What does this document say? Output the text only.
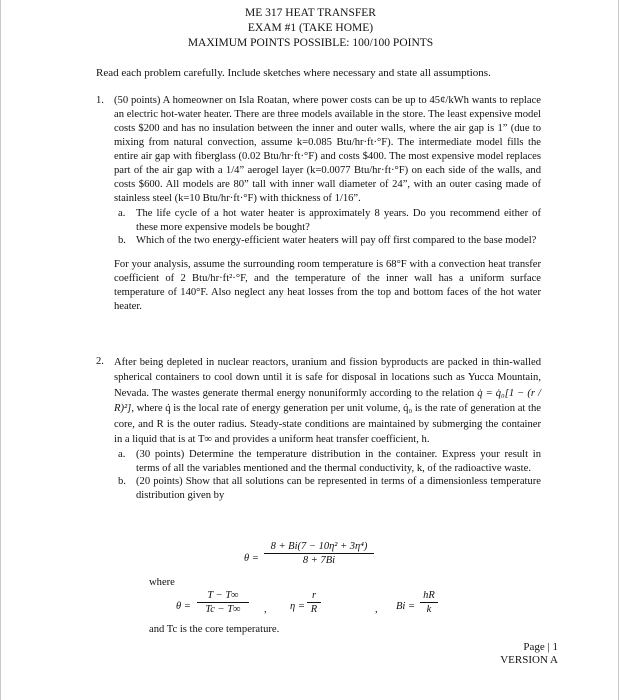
ME 317 HEAT TRANSFER
EXAM #1 (TAKE HOME)
MAXIMUM POINTS POSSIBLE: 100/100 POINTS
Read each problem carefully. Include sketches where necessary and state all assumptions.
1. (50 points) A homeowner on Isla Roatan, where power costs can be up to 45¢/kWh wants to replace an electric hot-water heater. There are three models available in the store. The least expensive model costs $200 and has no insulation between the inner and outer walls, where the air gap is 1” (due to mixing from natural convection, assume k=0.085 Btu/hr·ft·°F). The intermediate model fills the entire air gap with fiberglass (0.02 Btu/hr·ft·°F) and costs $400. The most expensive model replaces part of the air gap with a 1/4” aerogel layer (k=0.0077 Btu/hr·ft·°F) on each side of the walls, and costs $600. All models are 80” tall with inner wall diameter of 24”, with an outer casing made of stainless steel (k=10 Btu/hr·ft·°F) with thickness of 1/16”.
a. The life cycle of a hot water heater is approximately 8 years. Do you recommend either of these more expensive models be bought?
b. Which of the two energy-efficient water heaters will pay off first compared to the base model?
For your analysis, assume the surrounding room temperature is 68°F with a convection heat transfer coefficient of 2 Btu/hr·ft²·°F, and the temperature of the inner wall has a uniform surface temperature of 140°F. Also neglect any heat losses from the top and bottom faces of the hot water heater.
2. After being depleted in nuclear reactors, uranium and fission byproducts are packed in thin-walled spherical containers to cool down until it is safe for disposal in locations such as Yucca Mountain, Nevada. The wastes generate thermal energy nonuniformly according to the relation q̇ = q̇₀[1 − (r / R)²], where q̇ is the local rate of energy generation per unit volume, q̇₀ is the rate of generation at the core, and R is the outer radius. Steady-state conditions are maintained by submerging the container in a liquid that is at T∞ and provides a uniform heat transfer coefficient, h.
a. (30 points) Determine the temperature distribution in the container. Express your result in terms of all the variables mentioned and the thermal conductivity, k, of the radioactive waste.
b. (20 points) Show that all solutions can be represented in terms of a dimensionless temperature distribution given by
θ =
8 + Bi(7 − 10η² + 3η⁴)
8 + 7Bi
where
θ =
T − T∞
Tc − T∞	, η =
r
R	, Bi =
hR
k
and Tc is the core temperature.
Page | 1
VERSION A
